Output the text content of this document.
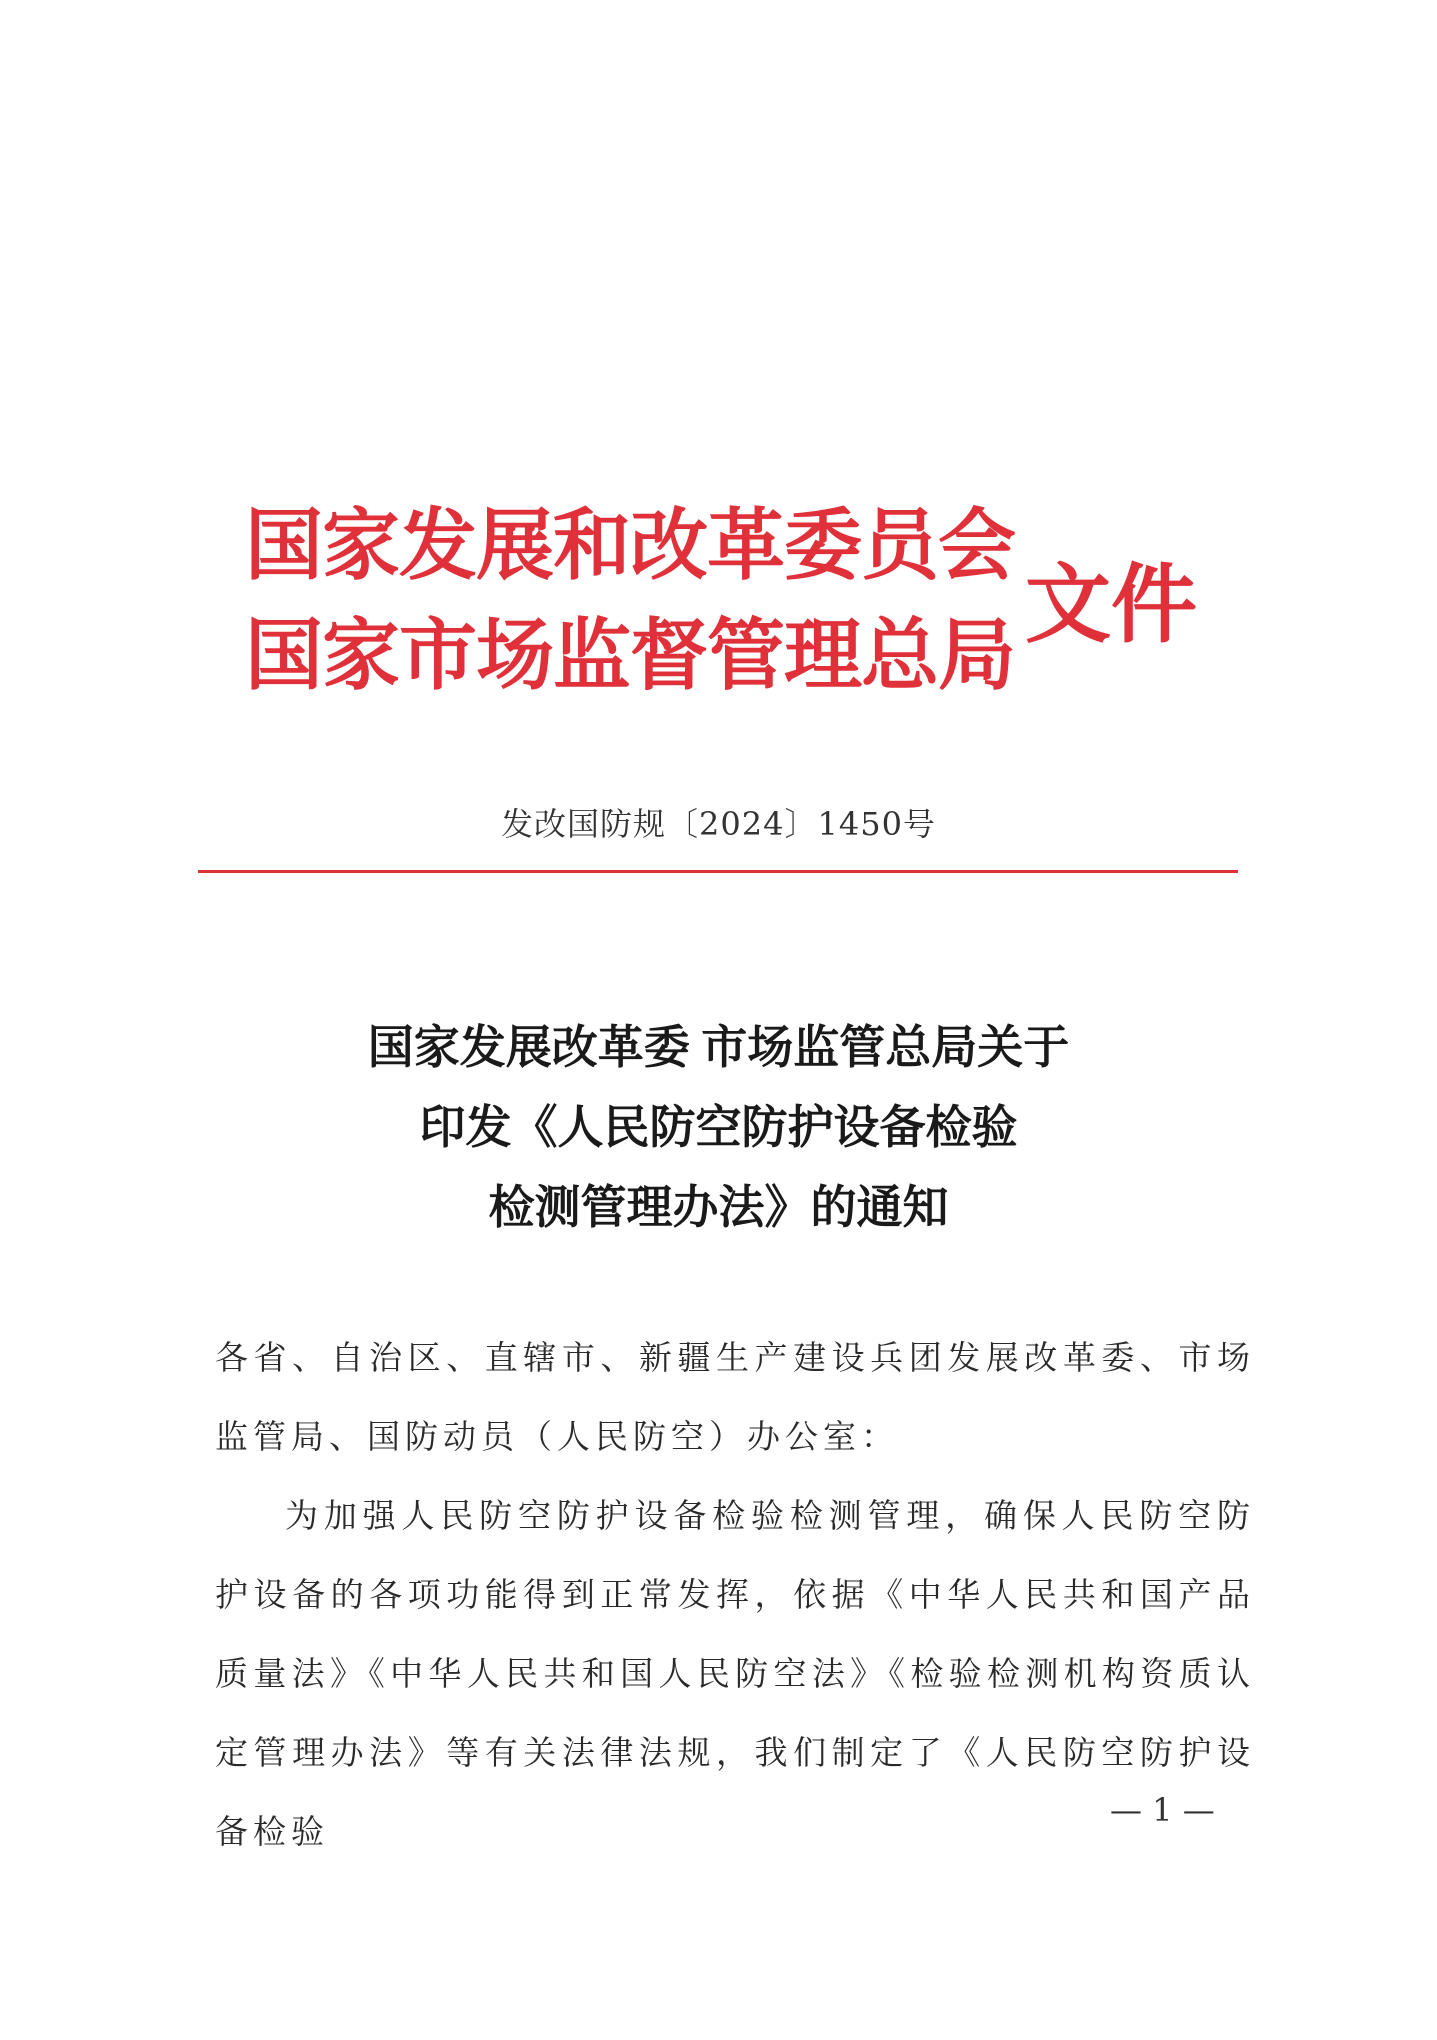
国家发展和改革委员会
国家市场监督管理总局
文件
发改国防规〔2024〕1450号
国家发展改革委 市场监管总局关于
印发《人民防空防护设备检验
检测管理办法》的通知

各省、自治区、直辖市、新疆生产建设兵团发展改革委、市场监管局、国防动员（人民防空）办公室：

为加强人民防空防护设备检验检测管理，确保人民防空防护设备的各项功能得到正常发挥，依据《中华人民共和国产品质量法》《中华人民共和国人民防空法》《检验检测机构资质认定管理办法》等有关法律法规，我们制定了《人民防空防护设备检验

— 1 —
